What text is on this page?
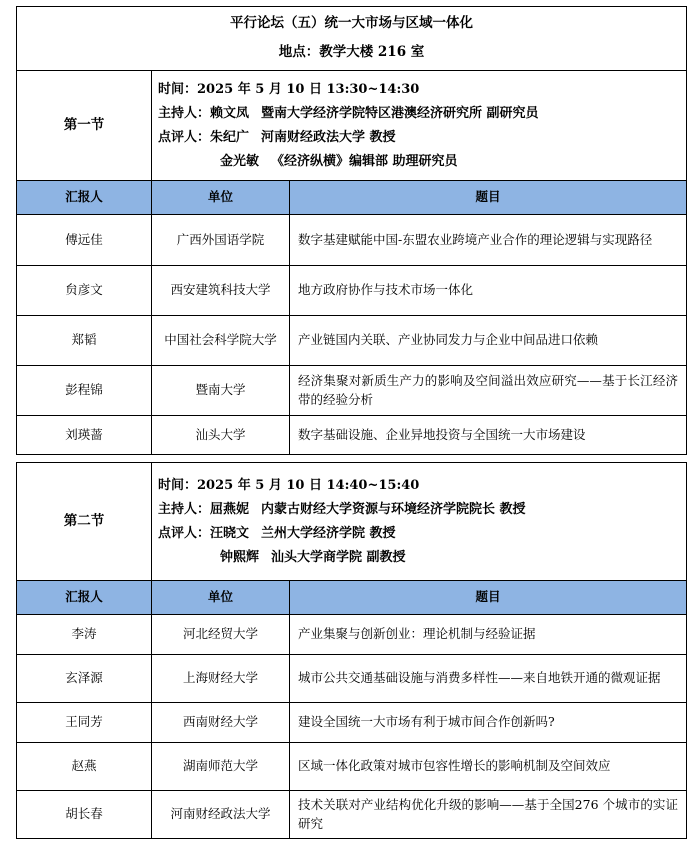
平行论坛（五）统一大市场与区域一体化
地点：教学大楼 216 室		

第一节	时间：2025 年 5 月 10 日 13:30~14:30
主持人：赖文凤 暨南大学经济学院特区港澳经济研究所 副研究员
点评人：朱纪广 河南财经政法大学 教授
金光敏 《经济纵横》编辑部 助理研究员	

汇报人	单位	题目
傅远佳	广西外国语学院	数字基建赋能中国-东盟农业跨境产业合作的理论逻辑与实现路径
贠彦文	西安建筑科技大学	地方政府协作与技术市场一体化
郑韬	中国社会科学院大学	产业链国内关联、产业协同发力与企业中间品进口依赖
彭程锦	暨南大学	经济集聚对新质生产力的影响及空间溢出效应研究——基于长江经济带的经验分析
刘瑛蔷	汕头大学	数字基础设施、企业异地投资与全国统一大市场建设
第二节	时间：2025 年 5 月 10 日 14:40~15:40
主持人：屈燕妮 内蒙古财经大学资源与环境经济学院院长 教授
点评人：汪晓文 兰州大学经济学院 教授
钟熙辉 汕头大学商学院 副教授	

汇报人	单位	题目
李涛	河北经贸大学	产业集聚与创新创业：理论机制与经验证据
玄泽源	上海财经大学	城市公共交通基础设施与消费多样性——来自地铁开通的微观证据
王同芳	西南财经大学	建设全国统一大市场有利于城市间合作创新吗?
赵燕	湖南师范大学	区域一体化政策对城市包容性增长的影响机制及空间效应
胡长春	河南财经政法大学	技术关联对产业结构优化升级的影响——基于全国276 个城市的实证研究
